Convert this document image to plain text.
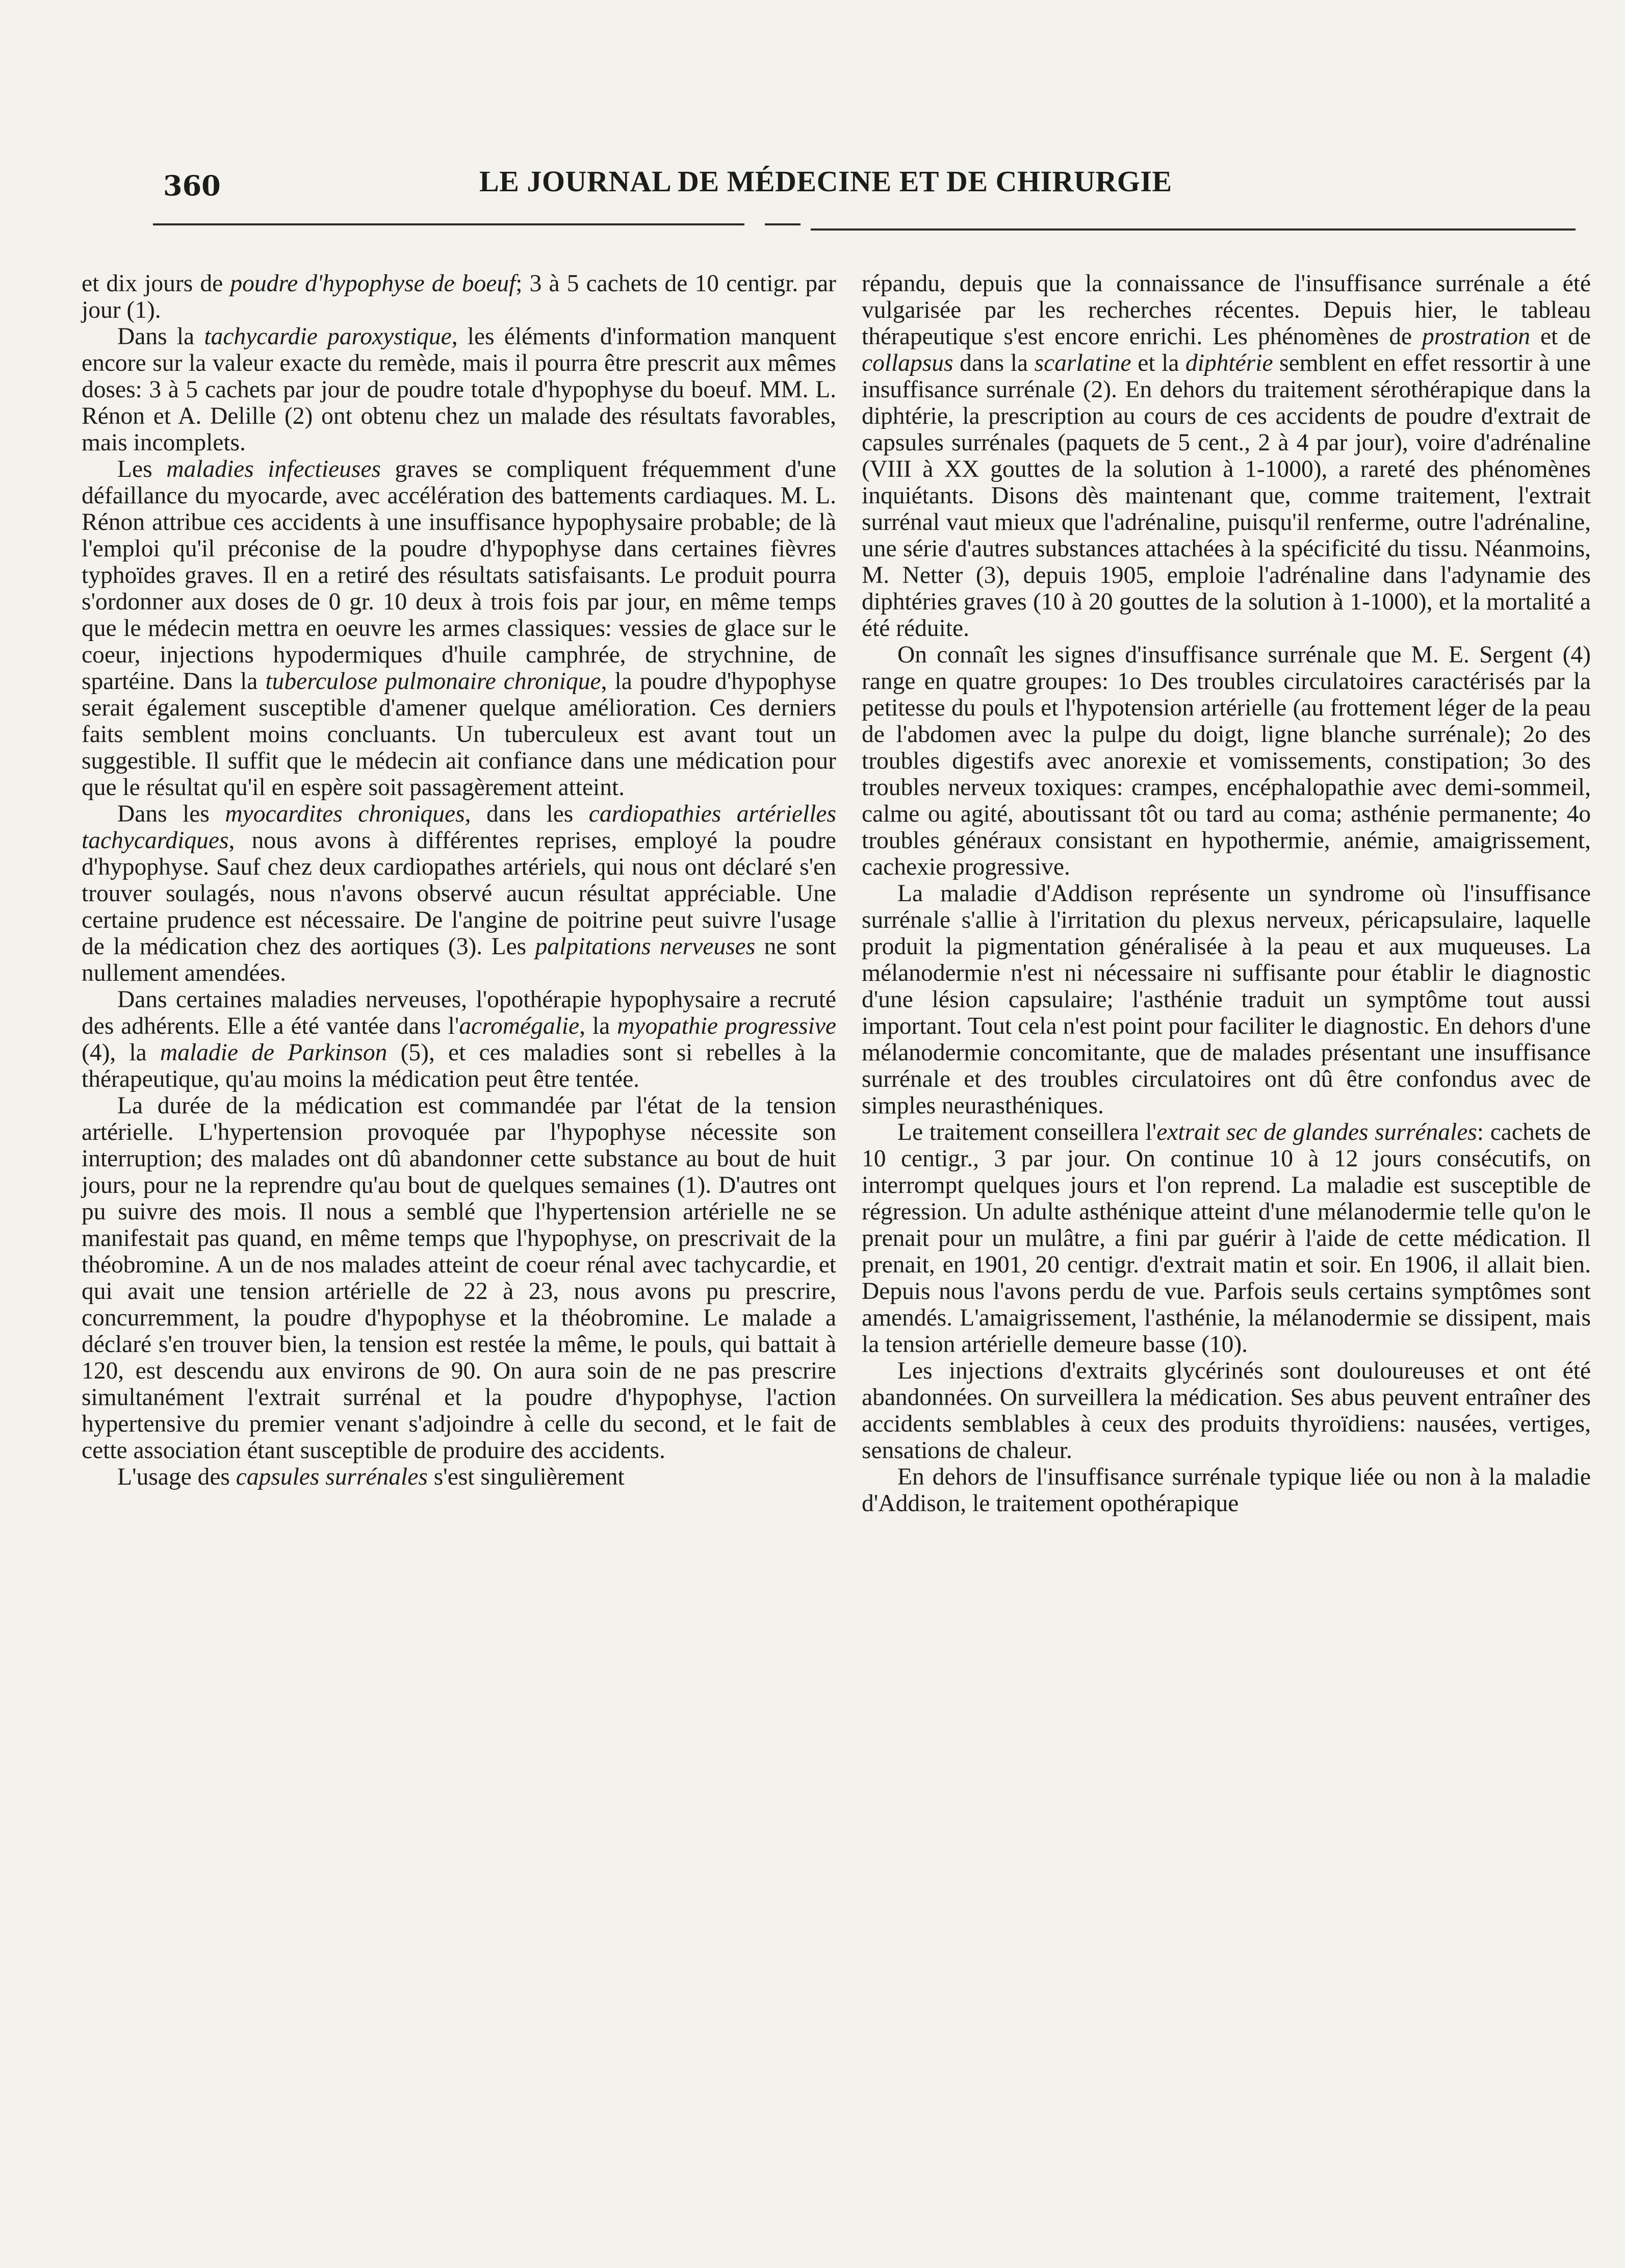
360	LE JOURNAL DE MÉDECINE ET DE CHIRURGIE

et dix jours de poudre d'hypophyse de boeuf; 3 à 5 cachets de 10 centigr. par jour (1).

Dans la tachycardie paroxystique, les éléments d'information manquent encore sur la valeur exacte du remède, mais il pourra être prescrit aux mêmes doses: 3 à 5 cachets par jour de poudre totale d'hypophyse du boeuf. MM. L. Rénon et A. Delille (2) ont obtenu chez un malade des résultats favorables, mais incomplets.

Les maladies infectieuses graves se compliquent fréquemment d'une défaillance du myocarde, avec accélération des battements cardiaques. M. L. Rénon attribue ces accidents à une insuffisance hypophysaire probable; de là l'emploi qu'il préconise de la poudre d'hypophyse dans certaines fièvres typhoïdes graves. Il en a retiré des résultats satisfaisants. Le produit pourra s'ordonner aux doses de 0 gr. 10 deux à trois fois par jour, en même temps que le médecin mettra en oeuvre les armes classiques: vessies de glace sur le coeur, injections hypodermiques d'huile camphrée, de strychnine, de spartéine. Dans la tuberculose pulmonaire chronique, la poudre d'hypophyse serait également susceptible d'amener quelque amélioration. Ces derniers faits semblent moins concluants. Un tuberculeux est avant tout un suggestible. Il suffit que le médecin ait confiance dans une médication pour que le résultat qu'il en espère soit passagèrement atteint.

Dans les myocardites chroniques, dans les cardiopathies artérielles tachycardiques, nous avons à différentes reprises, employé la poudre d'hypophyse. Sauf chez deux cardiopathes artériels, qui nous ont déclaré s'en trouver soulagés, nous n'avons observé aucun résultat appréciable. Une certaine prudence est nécessaire. De l'angine de poitrine peut suivre l'usage de la médication chez des aortiques (3). Les palpitations nerveuses ne sont nullement amendées.

Dans certaines maladies nerveuses, l'opothérapie hypophysaire a recruté des adhérents. Elle a été vantée dans l'acromégalie, la myopathie progressive (4), la maladie de Parkinson (5), et ces maladies sont si rebelles à la thérapeutique, qu'au moins la médication peut être tentée.

La durée de la médication est commandée par l'état de la tension artérielle. L'hypertension provoquée par l'hypophyse nécessite son interruption; des malades ont dû abandonner cette substance au bout de huit jours, pour ne la reprendre qu'au bout de quelques semaines (1). D'autres ont pu suivre des mois. Il nous a semblé que l'hypertension artérielle ne se manifestait pas quand, en même temps que l'hypophyse, on prescrivait de la théobromine. A un de nos malades atteint de coeur rénal avec tachycardie, et qui avait une tension artérielle de 22 à 23, nous avons pu prescrire, concurremment, la poudre d'hypophyse et la théobromine. Le malade a déclaré s'en trouver bien, la tension est restée la même, le pouls, qui battait à 120, est descendu aux environs de 90. On aura soin de ne pas prescrire simultanément l'extrait surrénal et la poudre d'hypophyse, l'action hypertensive du premier venant s'adjoindre à celle du second, et le fait de cette association étant susceptible de produire des accidents.

L'usage des capsules surrénales s'est singulièrement

répandu, depuis que la connaissance de l'insuffisance surrénale a été vulgarisée par les recherches récentes. Depuis hier, le tableau thérapeutique s'est encore enrichi. Les phénomènes de prostration et de collapsus dans la scarlatine et la diphtérie semblent en effet ressortir à une insuffisance surrénale (2). En dehors du traitement sérothérapique dans la diphtérie, la prescription au cours de ces accidents de poudre d'extrait de capsules surrénales (paquets de 5 cent., 2 à 4 par jour), voire d'adrénaline (VIII à XX gouttes de la solution à 1-1000), a rareté des phénomènes inquiétants. Disons dès maintenant que, comme traitement, l'extrait surrénal vaut mieux que l'adrénaline, puisqu'il renferme, outre l'adrénaline, une série d'autres substances attachées à la spécificité du tissu. Néanmoins, M. Netter (3), depuis 1905, emploie l'adrénaline dans l'adynamie des diphtéries graves (10 à 20 gouttes de la solution à 1-1000), et la mortalité a été réduite.

On connaît les signes d'insuffisance surrénale que M. E. Sergent (4) range en quatre groupes: 1o Des troubles circulatoires caractérisés par la petitesse du pouls et l'hypotension artérielle (au frottement léger de la peau de l'abdomen avec la pulpe du doigt, ligne blanche surrénale); 2o des troubles digestifs avec anorexie et vomissements, constipation; 3o des troubles nerveux toxiques: crampes, encéphalopathie avec demi-sommeil, calme ou agité, aboutissant tôt ou tard au coma; asthénie permanente; 4o troubles généraux consistant en hypothermie, anémie, amaigrissement, cachexie progressive.

La maladie d'Addison représente un syndrome où l'insuffisance surrénale s'allie à l'irritation du plexus nerveux, péricapsulaire, laquelle produit la pigmentation généralisée à la peau et aux muqueuses. La mélanodermie n'est ni nécessaire ni suffisante pour établir le diagnostic d'une lésion capsulaire; l'asthénie traduit un symptôme tout aussi important. Tout cela n'est point pour faciliter le diagnostic. En dehors d'une mélanodermie concomitante, que de malades présentant une insuffisance surrénale et des troubles circulatoires ont dû être confondus avec de simples neurasthéniques.

Le traitement conseillera l'extrait sec de glandes surrénales: cachets de 10 centigr., 3 par jour. On continue 10 à 12 jours consécutifs, on interrompt quelques jours et l'on reprend. La maladie est susceptible de régression. Un adulte asthénique atteint d'une mélanodermie telle qu'on le prenait pour un mulâtre, a fini par guérir à l'aide de cette médication. Il prenait, en 1901, 20 centigr. d'extrait matin et soir. En 1906, il allait bien. Depuis nous l'avons perdu de vue. Parfois seuls certains symptômes sont amendés. L'amaigrissement, l'asthénie, la mélanodermie se dissipent, mais la tension artérielle demeure basse (10).

Les injections d'extraits glycérinés sont douloureuses et ont été abandonnées. On surveillera la médication. Ses abus peuvent entraîner des accidents semblables à ceux des produits thyroïdiens: nausées, vertiges, sensations de chaleur.

En dehors de l'insuffisance surrénale typique liée ou non à la maladie d'Addison, le traitement opothérapique
